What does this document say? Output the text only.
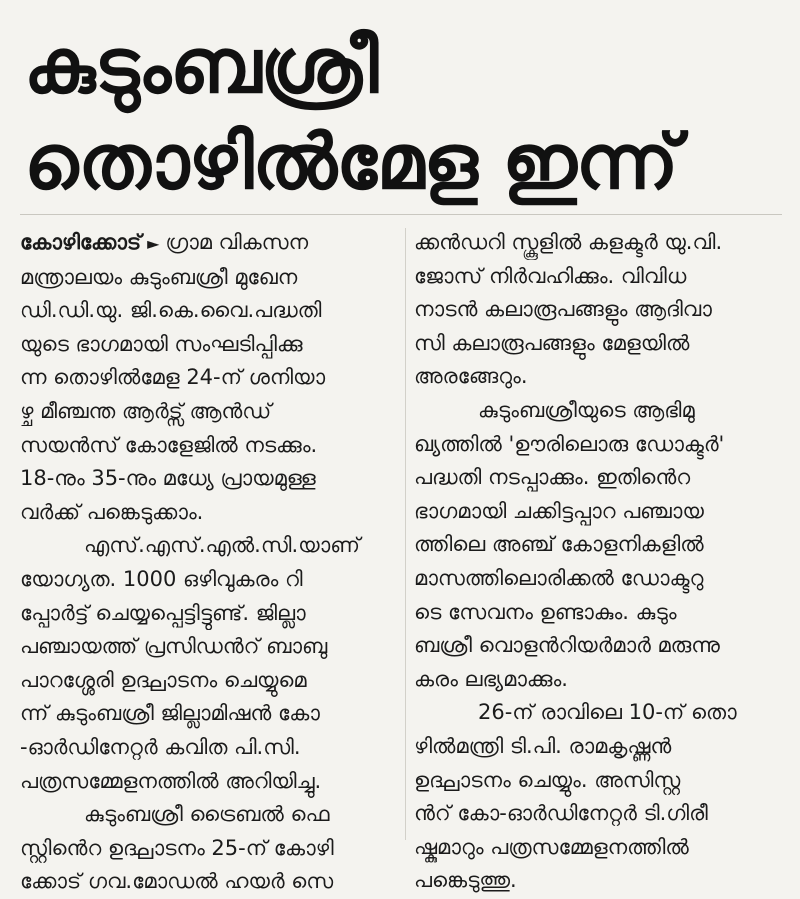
കുടുംബശ്രീ
തൊഴിൽമേള ഇന്ന്
കോഴിക്കോട് ► ഗ്രാമ വികസന
മന്ത്രാലയം കുടുംബശ്രീ മുഖേന
ഡി.ഡി.യു. ജി.കെ.വൈ.പദ്ധതി
യുടെ ഭാഗമായി സംഘടിപ്പിക്കു
ന്ന തൊഴിൽമേള 24-ന് ശനിയാ
ഴ്ച മീഞ്ചന്ത ആർട്സ് ആൻഡ്
സയൻസ് കോളേജിൽ നടക്കും.
18-നും 35-നും മധ്യേ പ്രായമുള്ള
വർക്ക് പങ്കെടുക്കാം.
എസ്.എസ്.എൽ.സി.യാണ്
യോഗ്യത. 1000 ഒഴിവുകരം റി
പ്പോർട്ട് ചെയ്യപ്പെട്ടിട്ടുണ്ട്. ജില്ലാ
പഞ്ചായത്ത് പ്രസിഡൻറ് ബാബു
പാറശ്ശേരി ഉദ്ഘാടനം ചെയ്യുമെ
ന്ന് കുടുംബശ്രീ ജില്ലാമിഷൻ കോ
-ഓർഡിനേറ്റർ കവിത പി.സി.
പത്രസമ്മേളനത്തിൽ അറിയിച്ചു.
കുടുംബശ്രീ ട്രൈബൽ ഫെ
സ്റ്റിൻെറ ഉദ്ഘാടനം 25-ന് കോഴി
ക്കോട് ഗവ.മോഡൽ ഹയർ സെ
ക്കൻഡറി സ്കൂളിൽ കളക്ടർ യു.വി.
ജോസ് നിർവഹിക്കും. വിവിധ
നാടൻ കലാരൂപങ്ങളും ആദിവാ
സി കലാരൂപങ്ങളും മേളയിൽ
അരങ്ങേറും.
കുടുംബശ്രീയുടെ ആഭിമു
ഖ്യത്തിൽ 'ഊരിലൊരു ഡോക്ടർ'
പദ്ധതി നടപ്പാക്കും. ഇതിൻെറ
ഭാഗമായി ചക്കിട്ടപ്പാറ പഞ്ചായ
ത്തിലെ അഞ്ച് കോളനികളിൽ
മാസത്തിലൊരിക്കൽ ഡോക്ടറു
ടെ സേവനം ഉണ്ടാകും. കുടും
ബശ്രീ വൊളൻറിയർമാർ മരുന്നു
കരം ലഭ്യമാക്കും.
26-ന് രാവിലെ 10-ന് തൊ
ഴിൽമന്ത്രി ടി.പി. രാമകൃഷ്ണൻ
ഉദ്ഘാടനം ചെയ്യും. അസിസ്റ്റ
ൻറ് കോ-ഓർഡിനേറ്റർ ടി.ഗിരീ
ഷ്കുമാറും പത്രസമ്മേളനത്തിൽ
പങ്കെടുത്തു.
